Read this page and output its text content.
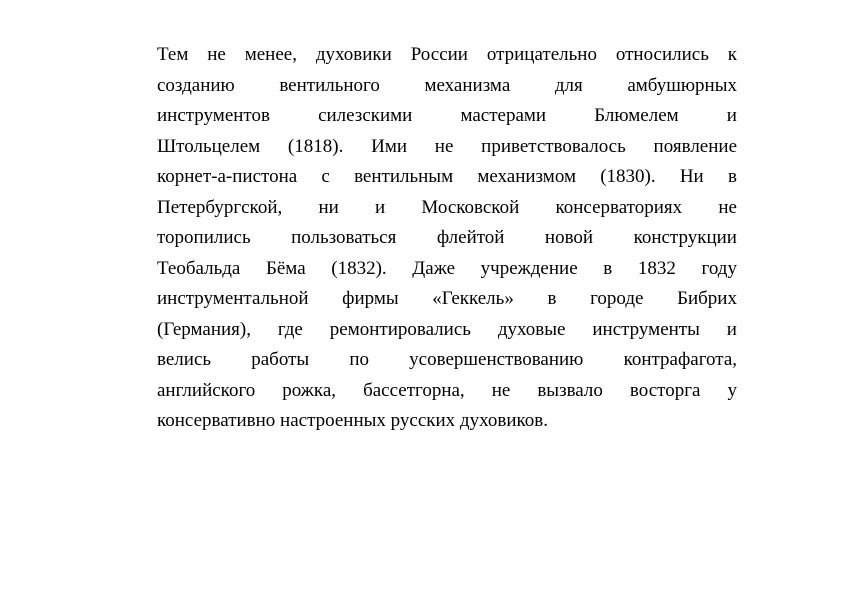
Тем не менее, духовики России отрицательно относились к
созданию вентильного механизма для амбушюрных
инструментов	силезскими	мастерами	Блюмелем	и
Штольцелем (1818). Ими не приветствовалось появление
корнет-а-пистона с вентильным механизмом (1830). Ни в
Петербургской, ни и Московской консерваториях не
торопились пользоваться флейтой новой конструкции
Теобальда Бёма (1832). Даже учреждение в 1832 году
инструментальной фирмы «Геккель» в городе Бибрих
(Германия), где ремонтировались духовые инструменты и
велись работы по усовершенствованию контрафагота,
английского рожка, бассетгорна, не вызвало восторга у
консервативно настроенных русских духовиков.
